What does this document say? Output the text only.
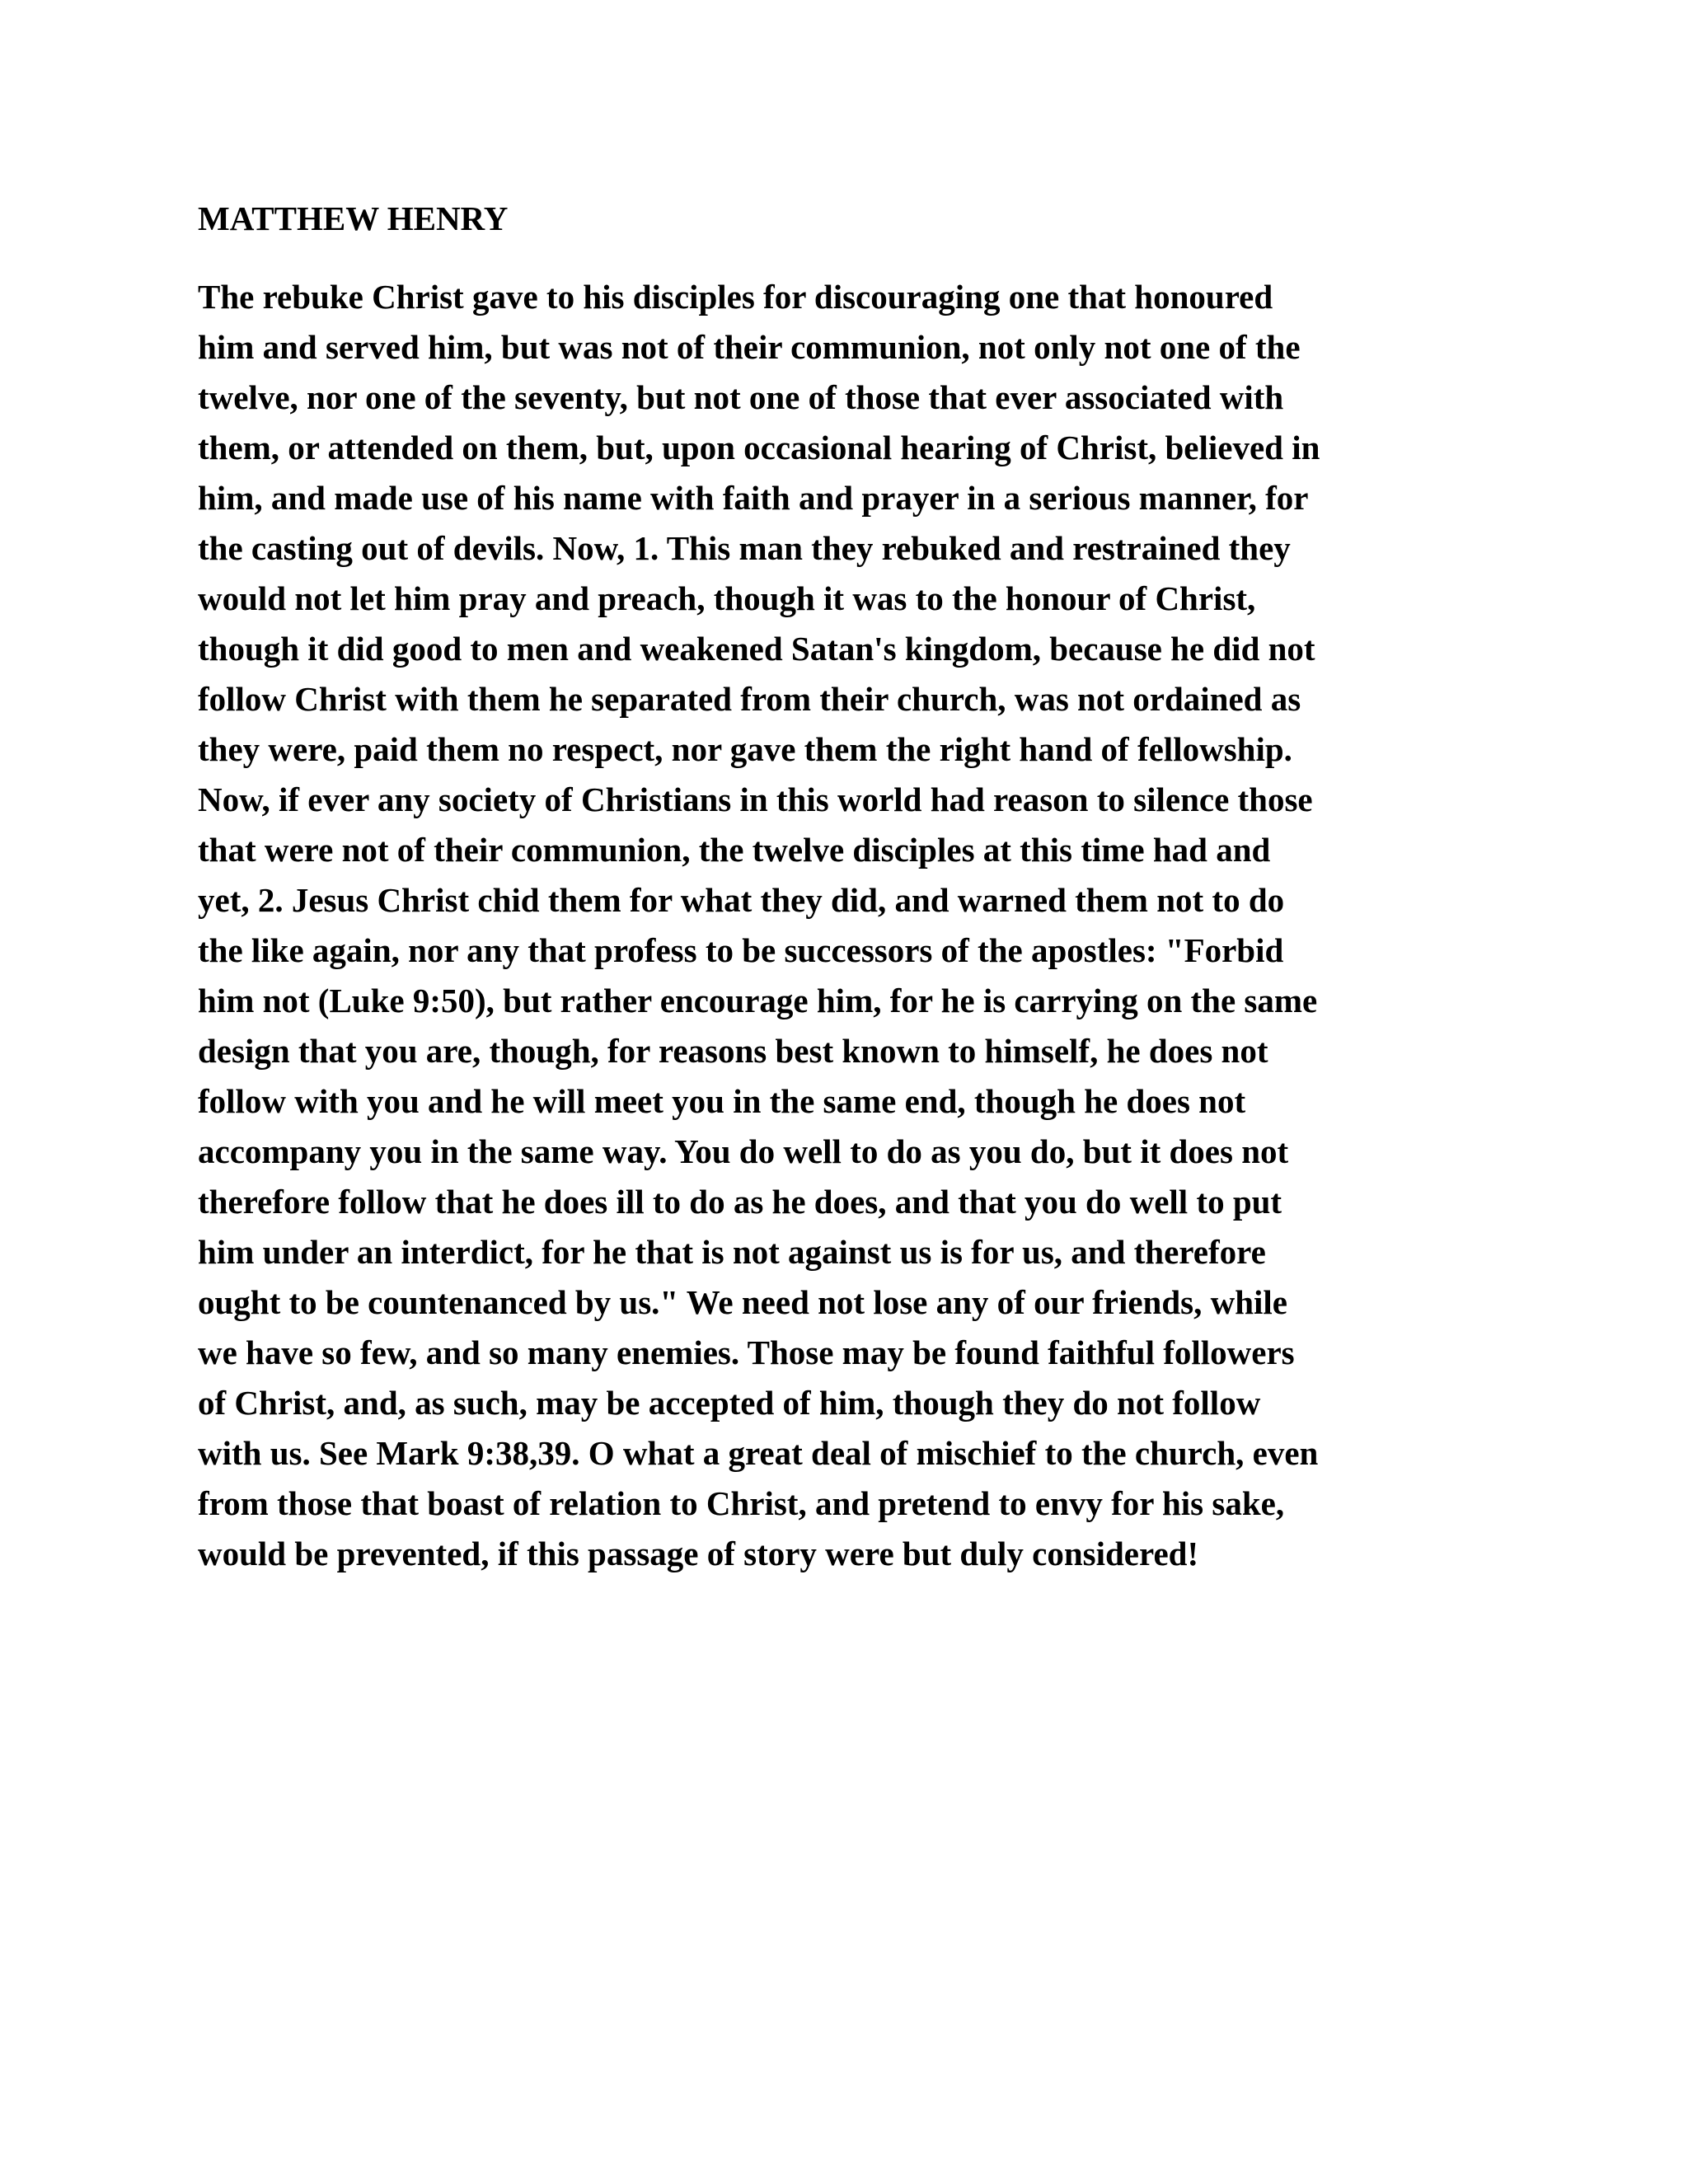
MATTHEW HENRY
The rebuke Christ gave to his disciples for discouraging one that honoured
him and served him, but was not of their communion, not only not one of the
twelve, nor one of the seventy, but not one of those that ever associated with
them, or attended on them, but, upon occasional hearing of Christ, believed in
him, and made use of his name with faith and prayer in a serious manner, for
the casting out of devils. Now, 1. This man they rebuked and restrained they
would not let him pray and preach, though it was to the honour of Christ,
though it did good to men and weakened Satan's kingdom, because he did not
follow Christ with them he separated from their church, was not ordained as
they were, paid them no respect, nor gave them the right hand of fellowship.
Now, if ever any society of Christians in this world had reason to silence those
that were not of their communion, the twelve disciples at this time had and
yet, 2. Jesus Christ chid them for what they did, and warned them not to do
the like again, nor any that profess to be successors of the apostles: "Forbid
him not (Luke 9:50), but rather encourage him, for he is carrying on the same
design that you are, though, for reasons best known to himself, he does not
follow with you and he will meet you in the same end, though he does not
accompany you in the same way. You do well to do as you do, but it does not
therefore follow that he does ill to do as he does, and that you do well to put
him under an interdict, for he that is not against us is for us, and therefore
ought to be countenanced by us." We need not lose any of our friends, while
we have so few, and so many enemies. Those may be found faithful followers
of Christ, and, as such, may be accepted of him, though they do not follow
with us. See Mark 9:38,39. O what a great deal of mischief to the church, even
from those that boast of relation to Christ, and pretend to envy for his sake,
would be prevented, if this passage of story were but duly considered!
